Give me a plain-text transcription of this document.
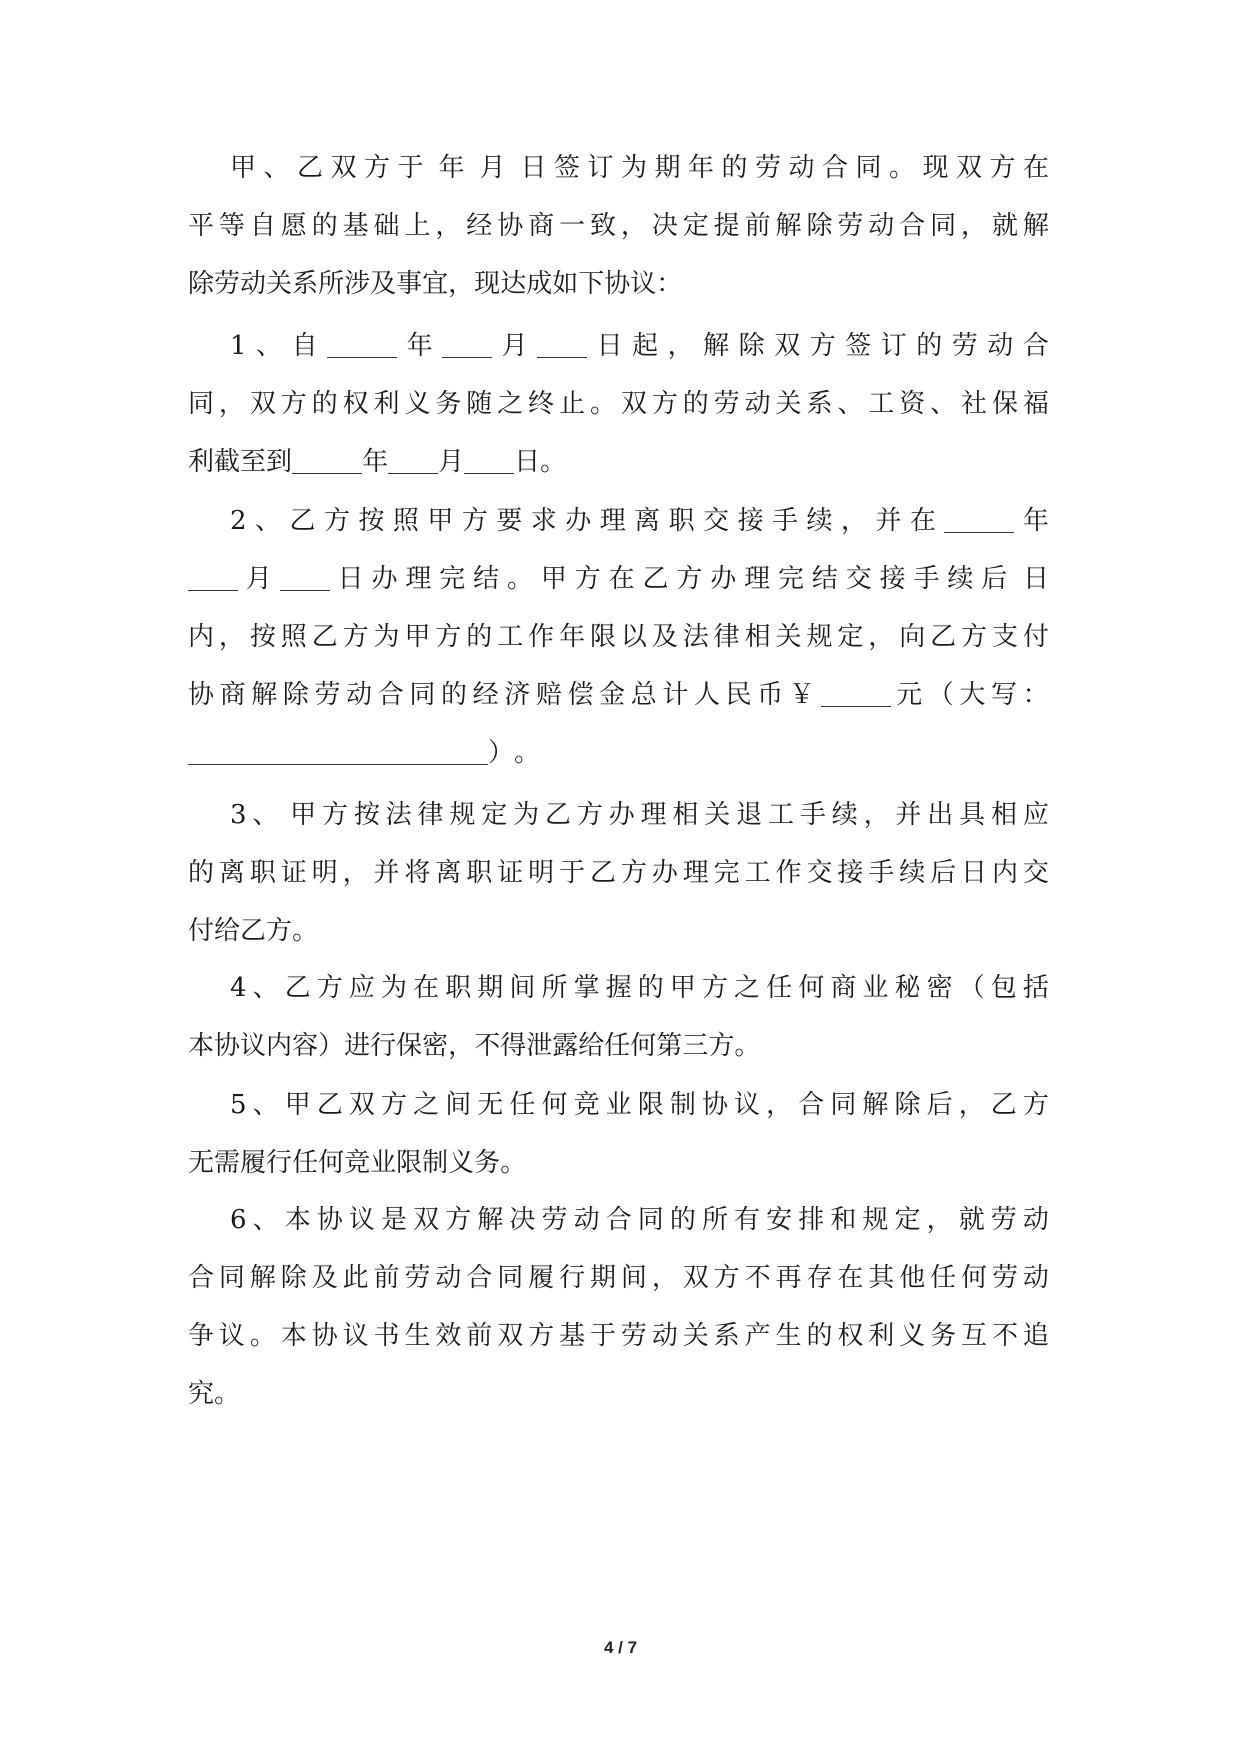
甲 、 乙 双 方 于 年 月 日 签 订 为 期 年 的 劳 动 合 同 。 现 双 方 在
平 等 自 愿 的 基 础 上 ， 经 协 商 一 致 ， 决 定 提 前 解 除 劳 动 合 同 ， 就 解
除 劳 动 关 系 所 涉 及 事 宜 ， 现 达 成 如 下 协 议 ：
1 、 自	年	月	日 起 ， 解 除 双 方 签 订 的 劳 动 合
同 ， 双 方 的 权 利 义 务 随 之 终 止 。 双 方 的 劳 动 关 系 、 工 资 、 社 保 福
利 截 至 到	年 月 日 。
2 、 乙 方 按 照 甲 方 要 求 办 理 离 职 交 接 手 续 ， 并 在	年
月	日 办 理 完 结 。 甲 方 在 乙 方 办 理 完 结 交 接 手 续 后 日
内 ， 按 照 乙 方 为 甲 方 的 工 作 年 限 以 及 法 律 相 关 规 定 ， 向 乙 方 支 付
协 商 解 除 劳 动 合 同 的 经 济 赔 偿 金 总 计 人 民 币 ￥	元 （ 大 写 ：
） 。
3 、 甲 方 按 法 律 规 定 为 乙 方 办 理 相 关 退 工 手 续 ， 并 出 具 相 应
的 离 职 证 明 ， 并 将 离 职 证 明 于 乙 方 办 理 完 工 作 交 接 手 续 后 日 内 交
付 给 乙 方 。
4 、 乙 方 应 为 在 职 期 间 所 掌 握 的 甲 方 之 任 何 商 业 秘 密 （ 包 括
本 协 议 内 容 ） 进 行 保 密 ， 不 得 泄 露 给 任 何 第 三 方 。
5 、 甲 乙 双 方 之 间 无 任 何 竞 业 限 制 协 议 ， 合 同 解 除 后 ， 乙 方
无 需 履 行 任 何 竞 业 限 制 义 务 。
6 、 本 协 议 是 双 方 解 决 劳 动 合 同 的 所 有 安 排 和 规 定 ， 就 劳 动
合 同 解 除 及 此 前 劳 动 合 同 履 行 期 间 ， 双 方 不 再 存 在 其 他 任 何 劳 动
争 议 。 本 协 议 书 生 效 前 双 方 基 于 劳 动 关 系 产 生 的 权 利 义 务 互 不 追
究 。
4 / 7
